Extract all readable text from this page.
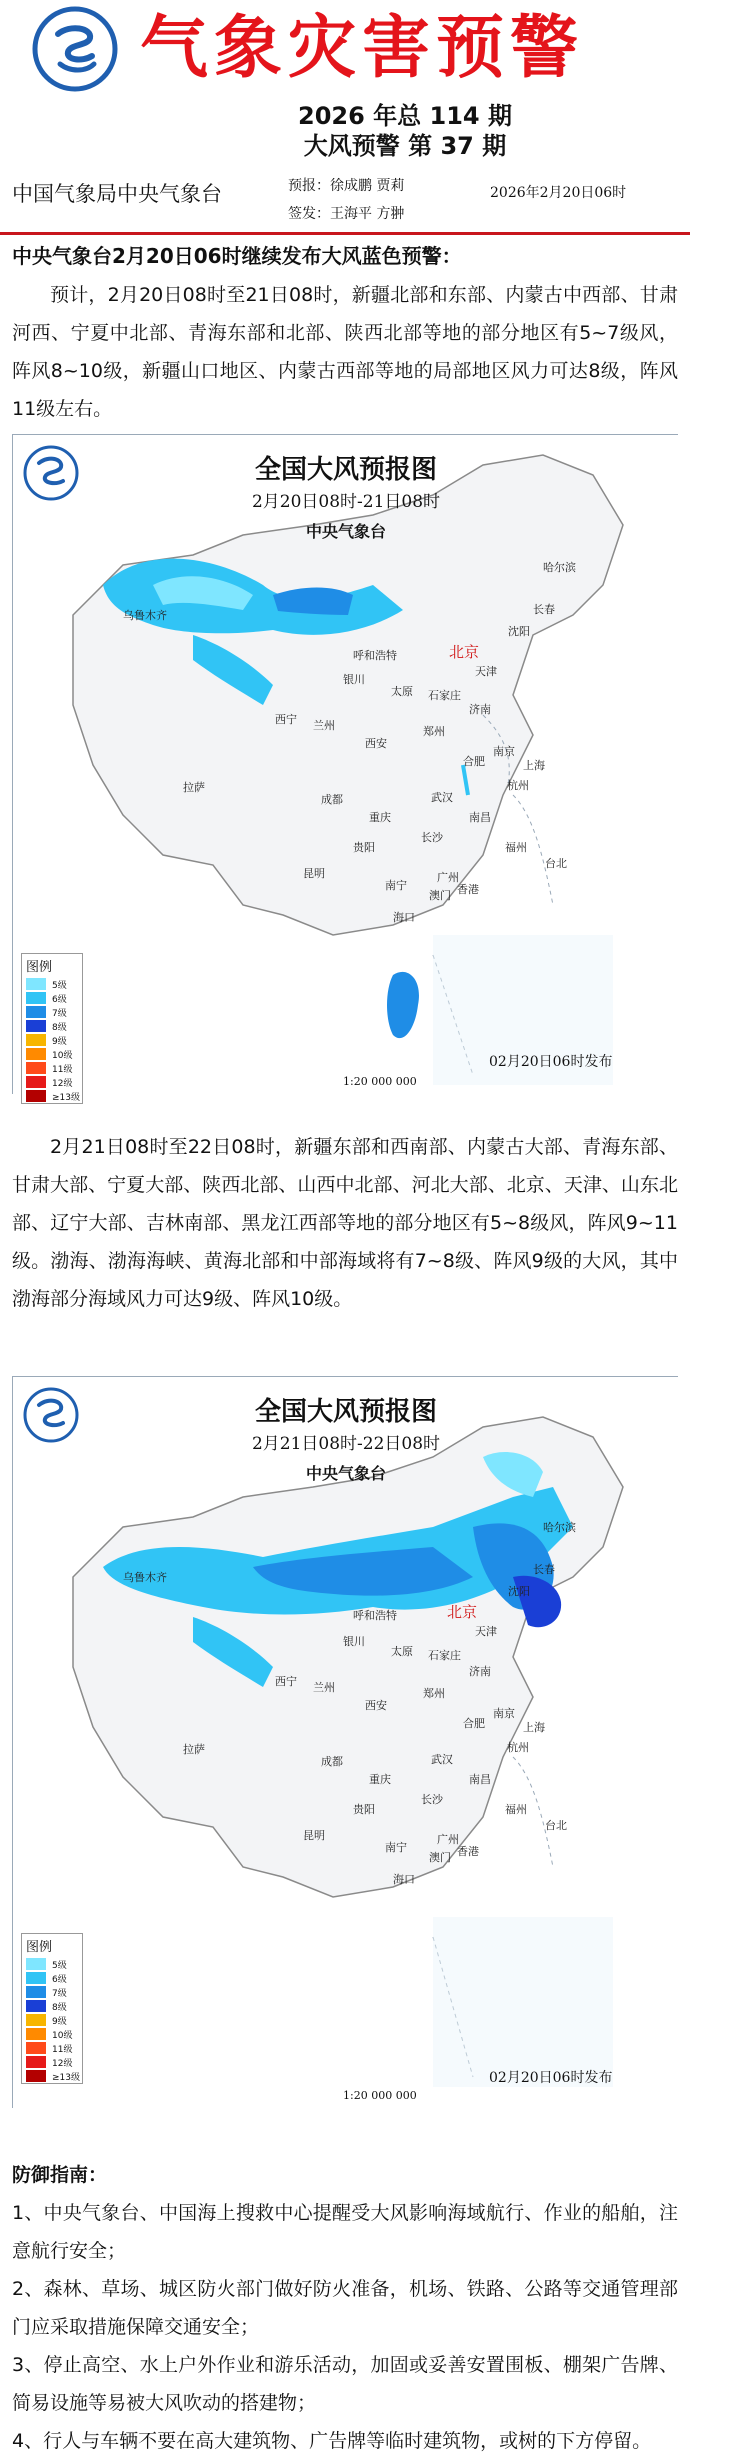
气象灾害预警
2026 年总 114 期
大风预警 第 37 期
中国气象局中央气象台	预报：徐成鹏 贾莉
签发：王海平 方翀
2026年2月20日06时
中央气象台2月20日06时继续发布大风蓝色预警：

预计，2月20日08时至21日08时，新疆北部和东部、内蒙古中西部、甘肃河西、宁夏中北部、青海东部和北部、陕西北部等地的部分地区有5~7级风，阵风8~10级，新疆山口地区、内蒙古西部等地的局部地区风力可达8级，阵风11级左右。

全国大风预报图
2月20日08时-21日08时
中央气象台
北京
哈尔滨
长春
沈阳
乌鲁木齐
呼和浩特
天津
石家庄
银川
太原
济南
西宁 兰州	郑州
西安
合肥
南京
上海
拉萨
成都	武汉
杭州
重庆	南昌
贵阳
长沙
福州
台北
昆明
南宁
广州
香港
澳门
海口
图例
5级
6级
7级
8级
9级
10级
11级
12级
≥13级
02月20日06时发布
1:20 000 000

2月21日08时至22日08时，新疆东部和西南部、内蒙古大部、青海东部、甘肃大部、宁夏大部、陕西北部、山西中北部、河北大部、北京、天津、山东北部、辽宁大部、吉林南部、黑龙江西部等地的部分地区有5~8级风，阵风9~11级。渤海、渤海海峡、黄海北部和中部海域将有7~8级、阵风9级的大风，其中渤海部分海域风力可达9级、阵风10级。

全国大风预报图
2月21日08时-22日08时
中央气象台
北京
哈尔滨
长春
沈阳
乌鲁木齐
呼和浩特
天津
石家庄
银川
太原
济南
西宁 兰州	郑州
西安
合肥
南京
上海
拉萨
成都	武汉
杭州
重庆	南昌
贵阳
长沙
福州
台北
昆明
南宁
广州
香港
澳门
海口
图例
5级
6级
7级
8级
9级
10级
11级
12级
≥13级	02月20日06时发布
1:20 000 000
防御指南：

1、中央气象台、中国海上搜救中心提醒受大风影响海域航行、作业的船舶，注意航行安全；

2、森林、草场、城区防火部门做好防火准备，机场、铁路、公路等交通管理部门应采取措施保障交通安全；

3、停止高空、水上户外作业和游乐活动，加固或妥善安置围板、棚架广告牌、简易设施等易被大风吹动的搭建物；

4、行人与车辆不要在高大建筑物、广告牌等临时建筑物，或树的下方停留。
